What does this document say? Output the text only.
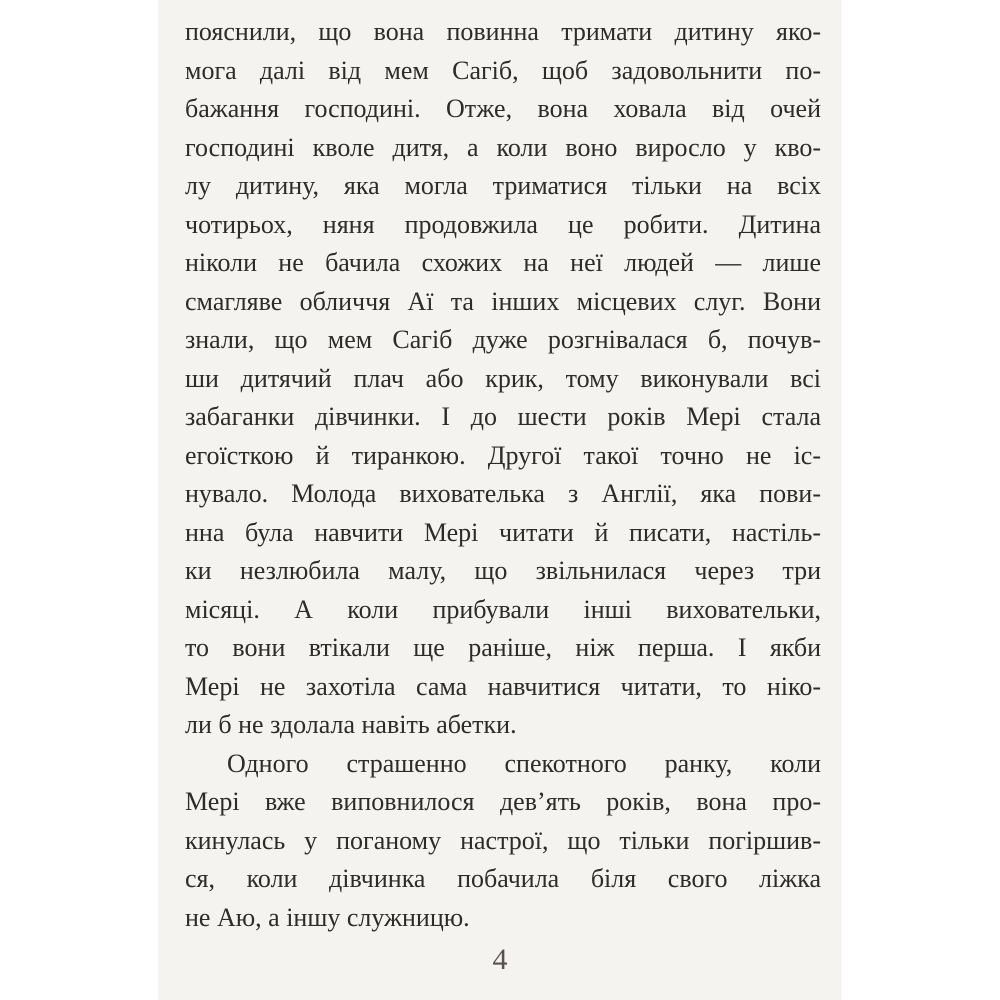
пояснили, що вона повинна тримати дитину яко-
мога далі від мем Сагіб, щоб задовольнити по-
бажання господині. Отже, вона ховала від очей
господині кволе дитя, а коли воно виросло у кво-
лу дитину, яка могла триматися тільки на всіх
чотирьох, няня продовжила це робити. Дитина
ніколи не бачила схожих на неї людей — лише
смагляве обличчя Аї та інших місцевих слуг. Вони
знали, що мем Сагіб дуже розгнівалася б, почув-
ши дитячий плач або крик, тому виконували всі
забаганки дівчинки. І до шести років Мері стала
егоїсткою й тиранкою. Другої такої точно не іс-
нувало. Молода вихователька з Англії, яка пови-
нна була навчити Мері читати й писати, настіль-
ки незлюбила малу, що звільнилася через три
місяці. А коли прибували інші виховательки,
то вони втікали ще раніше, ніж перша. І якби
Мері не захотіла сама навчитися читати, то ніко-
ли б не здолала навіть абетки.
Одного страшенно спекотного ранку, коли
Мері вже виповнилося дев’ять років, вона про-
кинулась у поганому настрої, що тільки погіршив-
ся, коли дівчинка побачила біля свого ліжка
не Аю, а іншу служницю.
4
